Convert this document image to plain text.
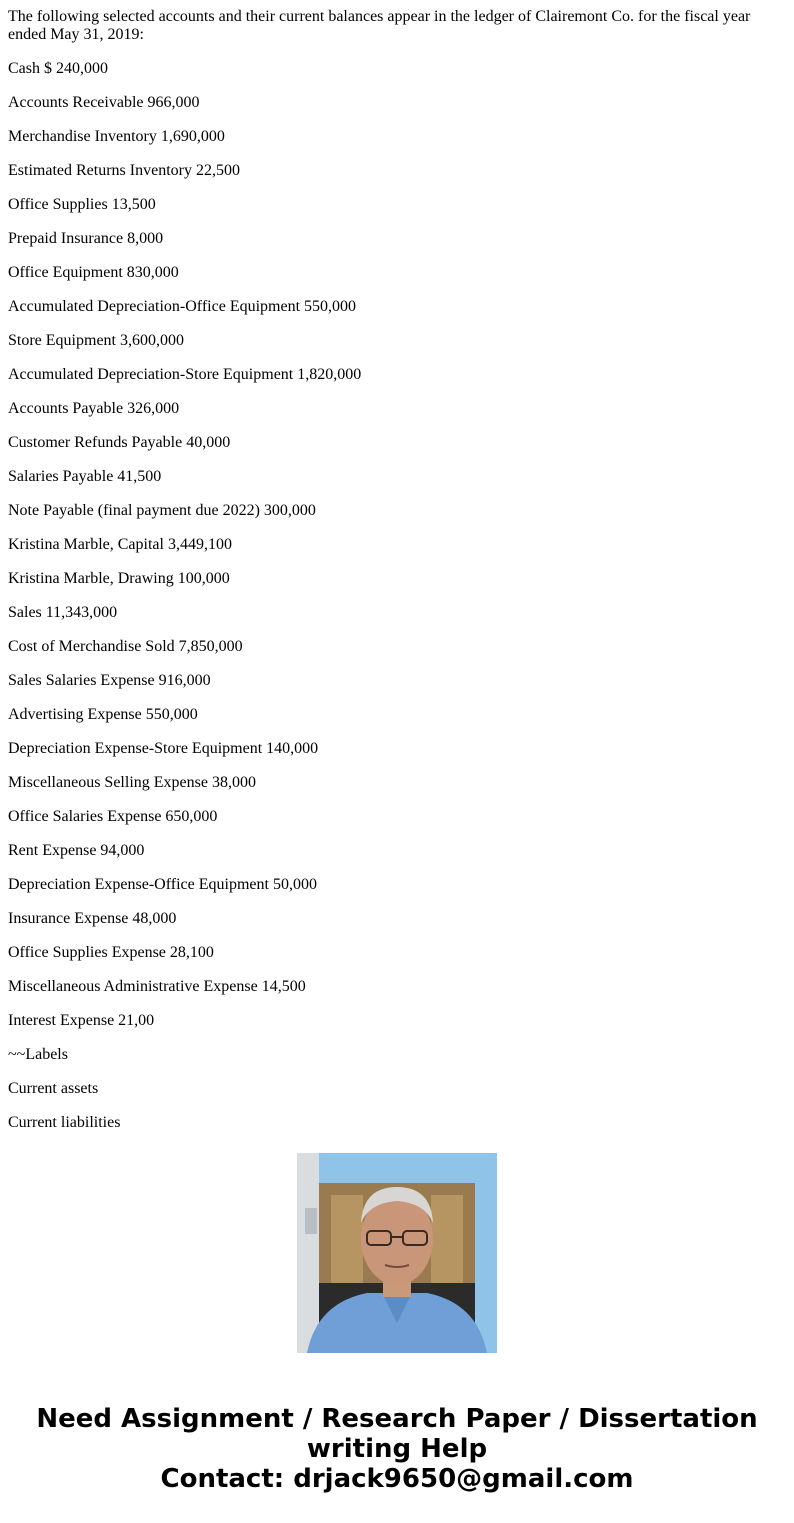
The following selected accounts and their current balances appear in the ledger of Clairemont Co. for the fiscal year ended May 31, 2019:

Cash $ 240,000

Accounts Receivable 966,000

Merchandise Inventory 1,690,000

Estimated Returns Inventory 22,500

Office Supplies 13,500

Prepaid Insurance 8,000

Office Equipment 830,000

Accumulated Depreciation-Office Equipment 550,000

Store Equipment 3,600,000

Accumulated Depreciation-Store Equipment 1,820,000

Accounts Payable 326,000

Customer Refunds Payable 40,000

Salaries Payable 41,500

Note Payable (final payment due 2022) 300,000

Kristina Marble, Capital 3,449,100

Kristina Marble, Drawing 100,000

Sales 11,343,000

Cost of Merchandise Sold 7,850,000

Sales Salaries Expense 916,000

Advertising Expense 550,000

Depreciation Expense-Store Equipment 140,000

Miscellaneous Selling Expense 38,000

Office Salaries Expense 650,000

Rent Expense 94,000

Depreciation Expense-Office Equipment 50,000

Insurance Expense 48,000

Office Supplies Expense 28,100

Miscellaneous Administrative Expense 14,500

Interest Expense 21,00

~~Labels

Current assets

Current liabilities

Need Assignment / Research Paper / Dissertation
writing Help
Contact: drjack9650@gmail.com
